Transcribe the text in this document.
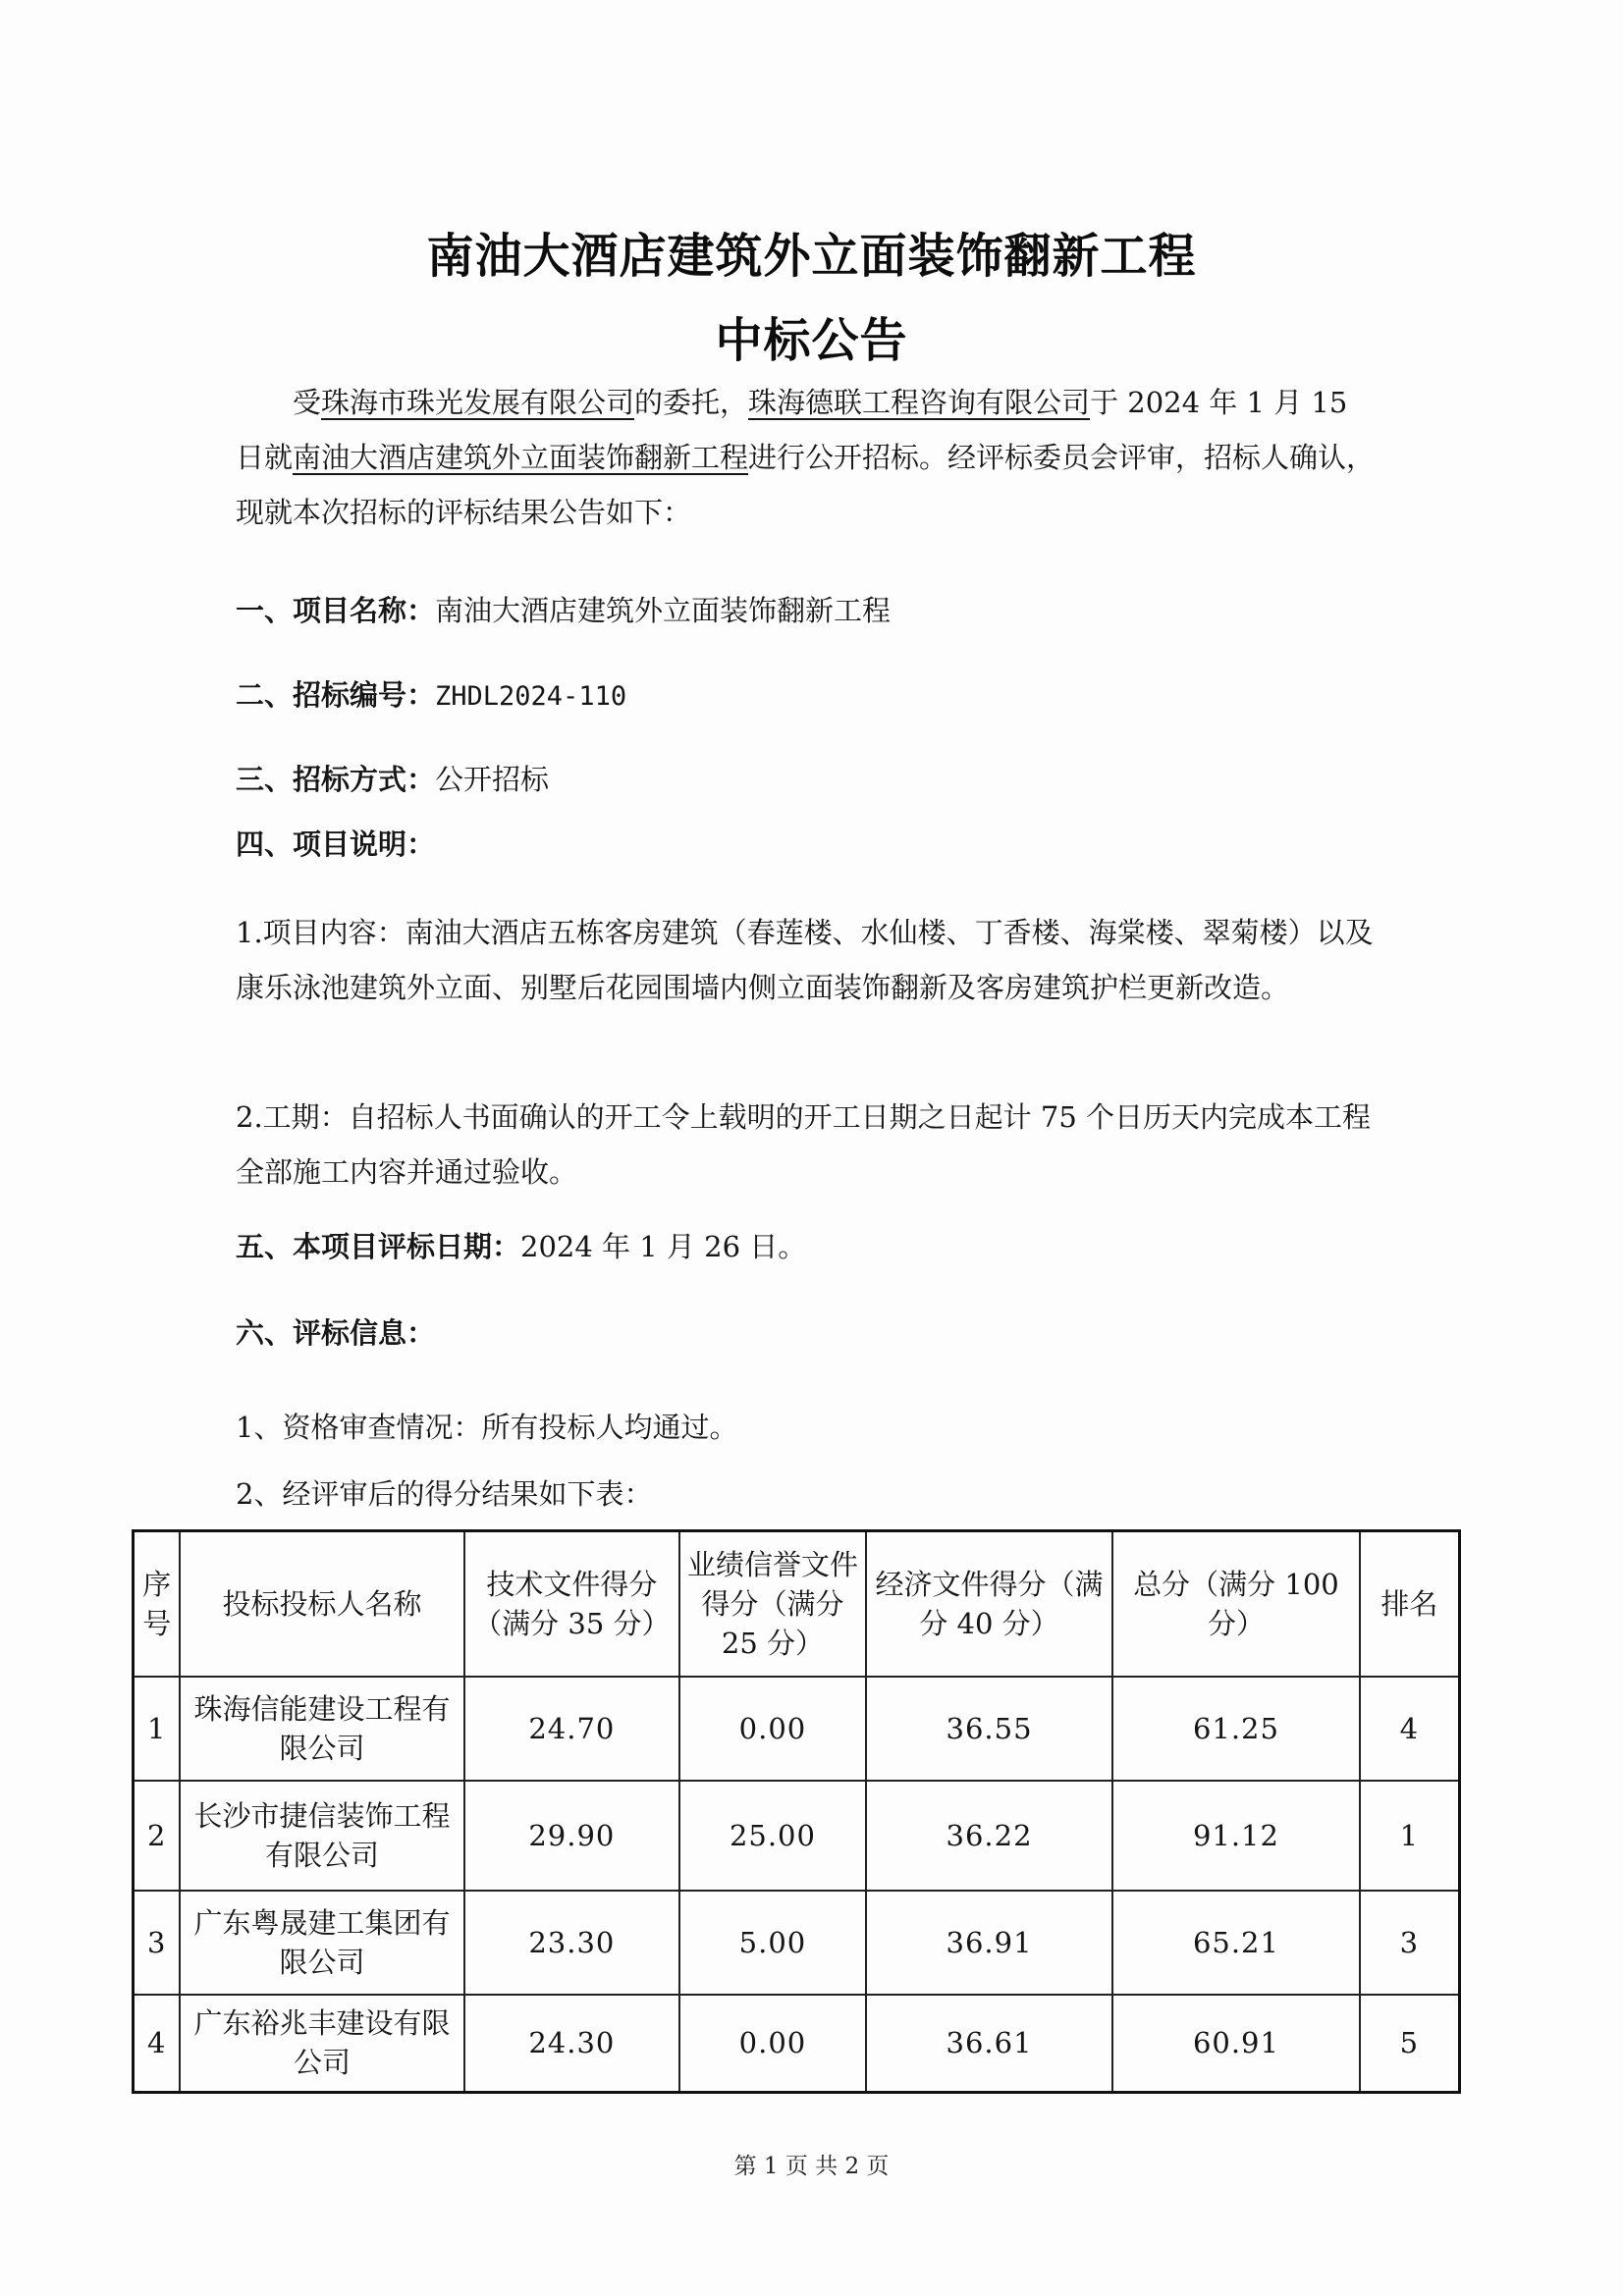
南油大酒店建筑外立面装饰翻新工程
中标公告
受珠海市珠光发展有限公司的委托，珠海德联工程咨询有限公司于 2024 年 1 月 15 日就南油大酒店建筑外立面装饰翻新工程进行公开招标。经评标委员会评审，招标人确认，现就本次招标的评标结果公告如下：
一、项目名称：南油大酒店建筑外立面装饰翻新工程
二、招标编号：ZHDL2024-110
三、招标方式：公开招标
四、项目说明：
1.项目内容：南油大酒店五栋客房建筑（春莲楼、水仙楼、丁香楼、海棠楼、翠菊楼）以及康乐泳池建筑外立面、别墅后花园围墙内侧立面装饰翻新及客房建筑护栏更新改造。
2.工期：自招标人书面确认的开工令上载明的开工日期之日起计 75 个日历天内完成本工程全部施工内容并通过验收。
五、本项目评标日期：2024 年 1 月 26 日。
六、评标信息：
1、资格审查情况：所有投标人均通过。
2、经评审后的得分结果如下表：
序号	投标投标人名称	技术文件得分（满分 35 分）	业绩信誉文件得分（满分 25 分）	经济文件得分（满分 40 分）	总分（满分 100 分）	排名
1	珠海信能建设工程有限公司	24.70	0.00	36.55	61.25	4
2	长沙市捷信装饰工程有限公司	29.90	25.00	36.22	91.12	1
3	广东粤晟建工集团有限公司	23.30	5.00	36.91	65.21	3
4	广东裕兆丰建设有限公司	24.30	0.00	36.61	60.91	5
第 1 页 共 2 页
